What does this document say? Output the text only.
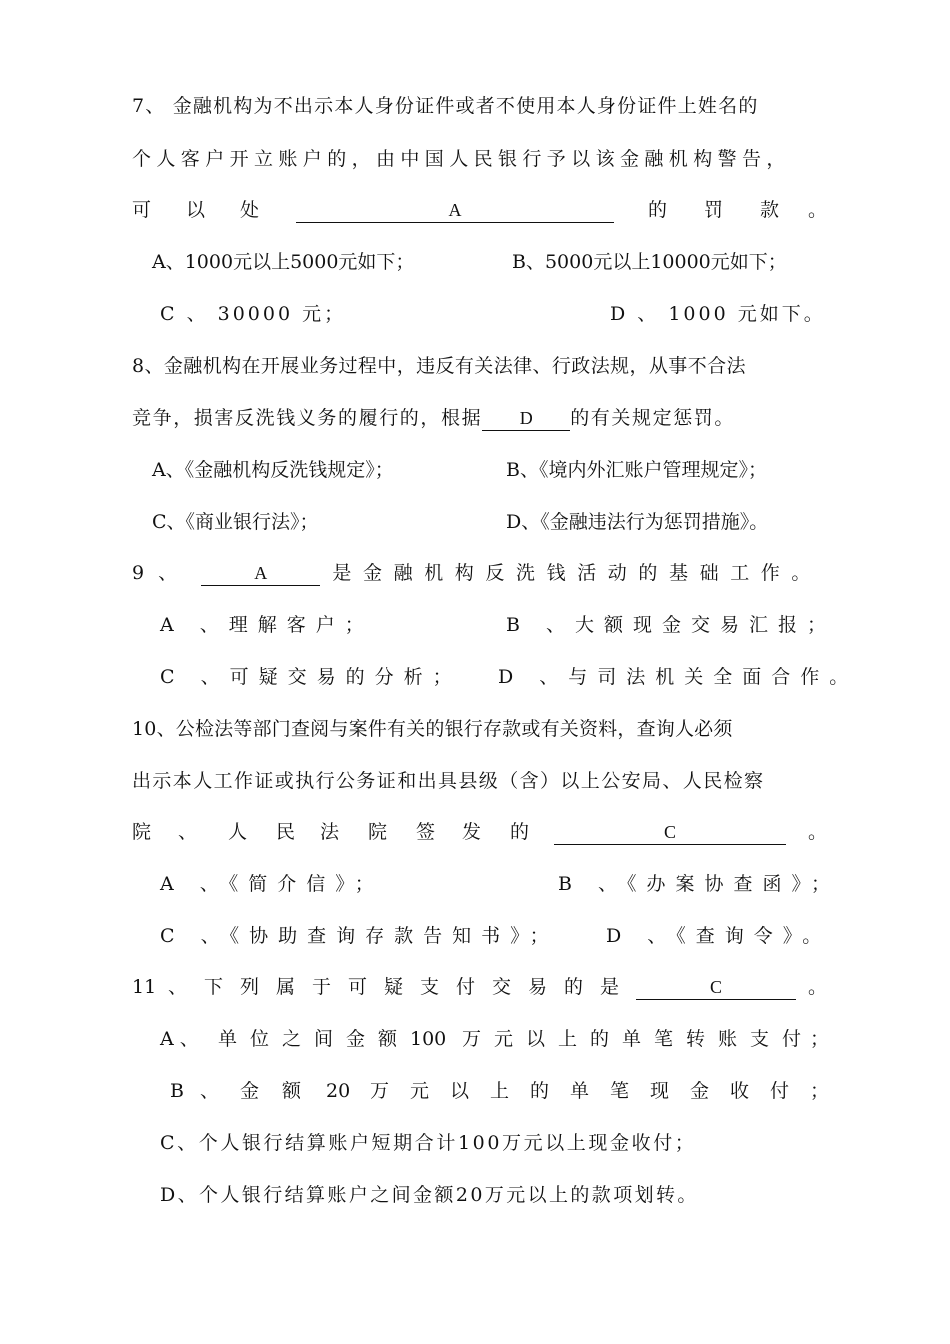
7、 金融机构为不出示本人身份证件或者不使用本人身份证件上姓名的
个人客户开立账户的，由中国人民银行予以该金融机构警告，
可 以 处	A	的 罚 款 。
A、1000元以上5000元如下；	B、5000元以上10000元如下；
C 、 30000 元；	D 、 1000 元如下。
8、金融机构在开展业务过程中，违反有关法律、行政法规，从事不合法
竞争，损害反洗钱义务的履行的，根据	D	的有关规定惩罚。
A、《金融机构反洗钱规定》；	B、《境内外汇账户管理规定》；
C、《商业银行法》；	D、《金融违法行为惩罚措施》。
9 、	A	是金融机构反洗钱活动的基础工作。
A 、理解客户；	B 、大额现金交易汇报；
C 、可疑交易的分析； D 、与司法机关全面合作。
10、公检法等部门查阅与案件有关的银行存款或有关资料，查询人必须
出示本人工作证或执行公务证和出具县级（含）以上公安局、人民检察
院 、 人 民 法 院 签 发 的	C	。
A 、《简介信》；	B 、《办案协查函》；
C 、《协助查询存款告知书》； D 、《查询令》。
11 、 下 列 属 于 可 疑 支 付 交 易 的 是	C	。
A 、 单 位 之 间 金 额 100 万 元 以 上 的 单 笔 转 账 支 付 ；
B 、 金 额 20 万 元 以 上 的 单 笔 现 金 收 付 ；
C、个人银行结算账户短期合计100万元以上现金收付；
D、个人银行结算账户之间金额20万元以上的款项划转。
